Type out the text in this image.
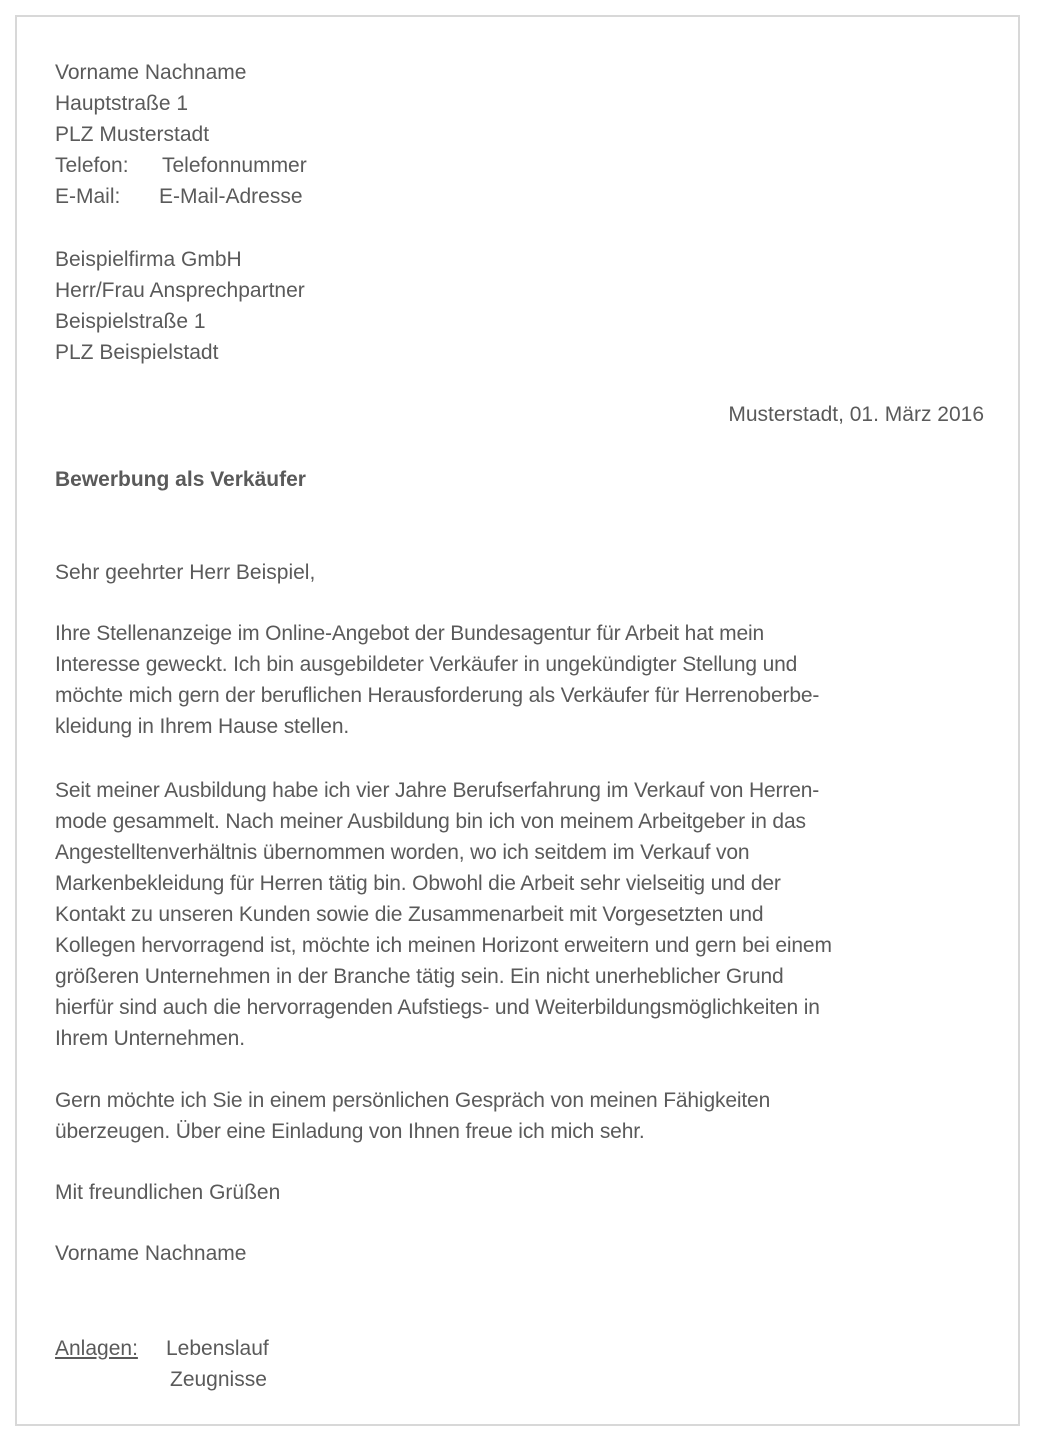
Vorname Nachname
Hauptstraße 1
PLZ Musterstadt
Telefon: Telefonnummer
E-Mail: E-Mail-Adresse
Beispielfirma GmbH
Herr/Frau Ansprechpartner
Beispielstraße 1
PLZ Beispielstadt
Musterstadt, 01. März 2016
Bewerbung als Verkäufer
Sehr geehrter Herr Beispiel,
Ihre Stellenanzeige im Online-Angebot der Bundesagentur für Arbeit hat mein
Interesse geweckt. Ich bin ausgebildeter Verkäufer in ungekündigter Stellung und
möchte mich gern der beruflichen Herausforderung als Verkäufer für Herrenoberbe-
kleidung in Ihrem Hause stellen.
Seit meiner Ausbildung habe ich vier Jahre Berufserfahrung im Verkauf von Herren-
mode gesammelt. Nach meiner Ausbildung bin ich von meinem Arbeitgeber in das
Angestelltenverhältnis übernommen worden, wo ich seitdem im Verkauf von
Markenbekleidung für Herren tätig bin. Obwohl die Arbeit sehr vielseitig und der
Kontakt zu unseren Kunden sowie die Zusammenarbeit mit Vorgesetzten und
Kollegen hervorragend ist, möchte ich meinen Horizont erweitern und gern bei einem
größeren Unternehmen in der Branche tätig sein. Ein nicht unerheblicher Grund
hierfür sind auch die hervorragenden Aufstiegs- und Weiterbildungsmöglichkeiten in
Ihrem Unternehmen.
Gern möchte ich Sie in einem persönlichen Gespräch von meinen Fähigkeiten
überzeugen. Über eine Einladung von Ihnen freue ich mich sehr.
Mit freundlichen Grüßen
Vorname Nachname
Anlagen: Lebenslauf
Zeugnisse
